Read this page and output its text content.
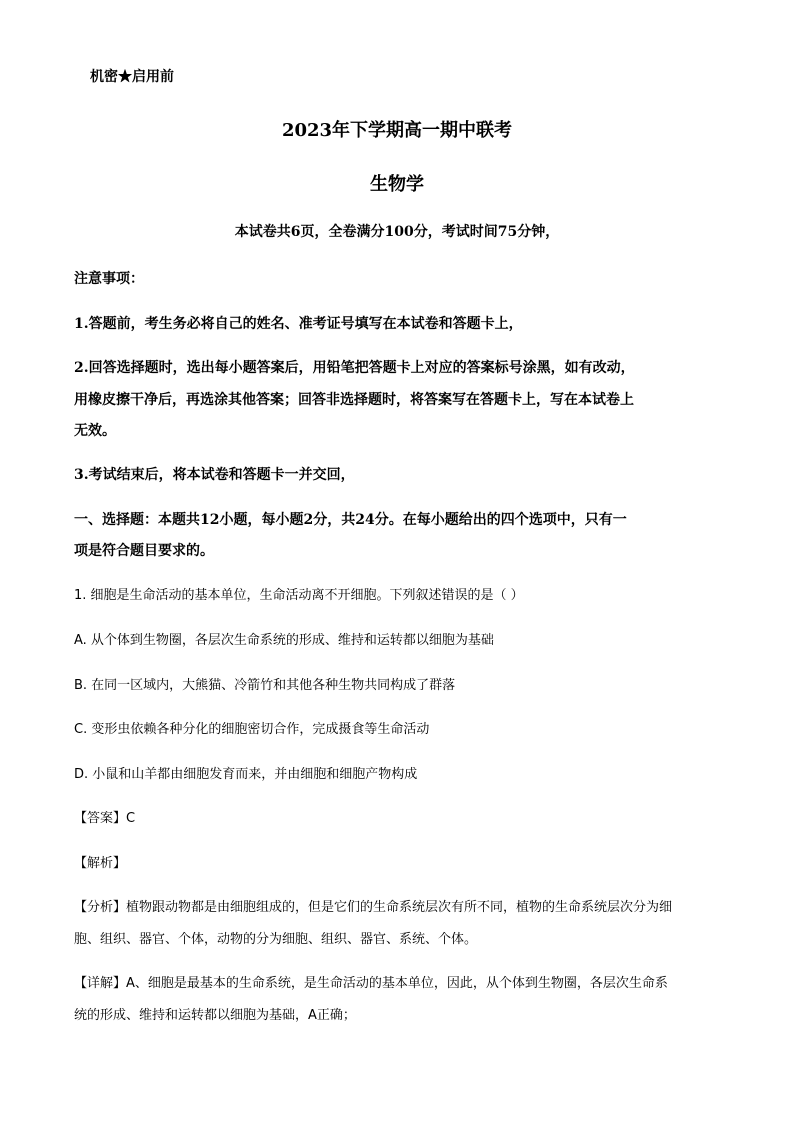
机密★启用前
2023年下学期高一期中联考
生物学
本试卷共6页，全卷满分100分，考试时间75分钟，
注意事项：
1.答题前，考生务必将自己的姓名、准考证号填写在本试卷和答题卡上，
2.回答选择题时，选出每小题答案后，用铅笔把答题卡上对应的答案标号涂黑，如有改动，
用橡皮擦干净后，再选涂其他答案；回答非选择题时，将答案写在答题卡上，写在本试卷上
无效。
3.考试结束后，将本试卷和答题卡一并交回，
一、选择题：本题共12小题，每小题2分，共24分。在每小题给出的四个选项中，只有一
项是符合题目要求的。
1. 细胞是生命活动的基本单位，生命活动离不开细胞。下列叙述错误的是（ ）
A. 从个体到生物圈，各层次生命系统的形成、维持和运转都以细胞为基础
B. 在同一区域内，大熊猫、冷箭竹和其他各种生物共同构成了群落
C. 变形虫依赖各种分化的细胞密切合作，完成摄食等生命活动
D. 小鼠和山羊都由细胞发育而来，并由细胞和细胞产物构成
【答案】C
【解析】
【分析】植物跟动物都是由细胞组成的，但是它们的生命系统层次有所不同，植物的生命系统层次分为细
胞、组织、器官、个体，动物的分为细胞、组织、器官、系统、个体。
【详解】A、细胞是最基本的生命系统，是生命活动的基本单位，因此，从个体到生物圈，各层次生命系
统的形成、维持和运转都以细胞为基础，A正确；
